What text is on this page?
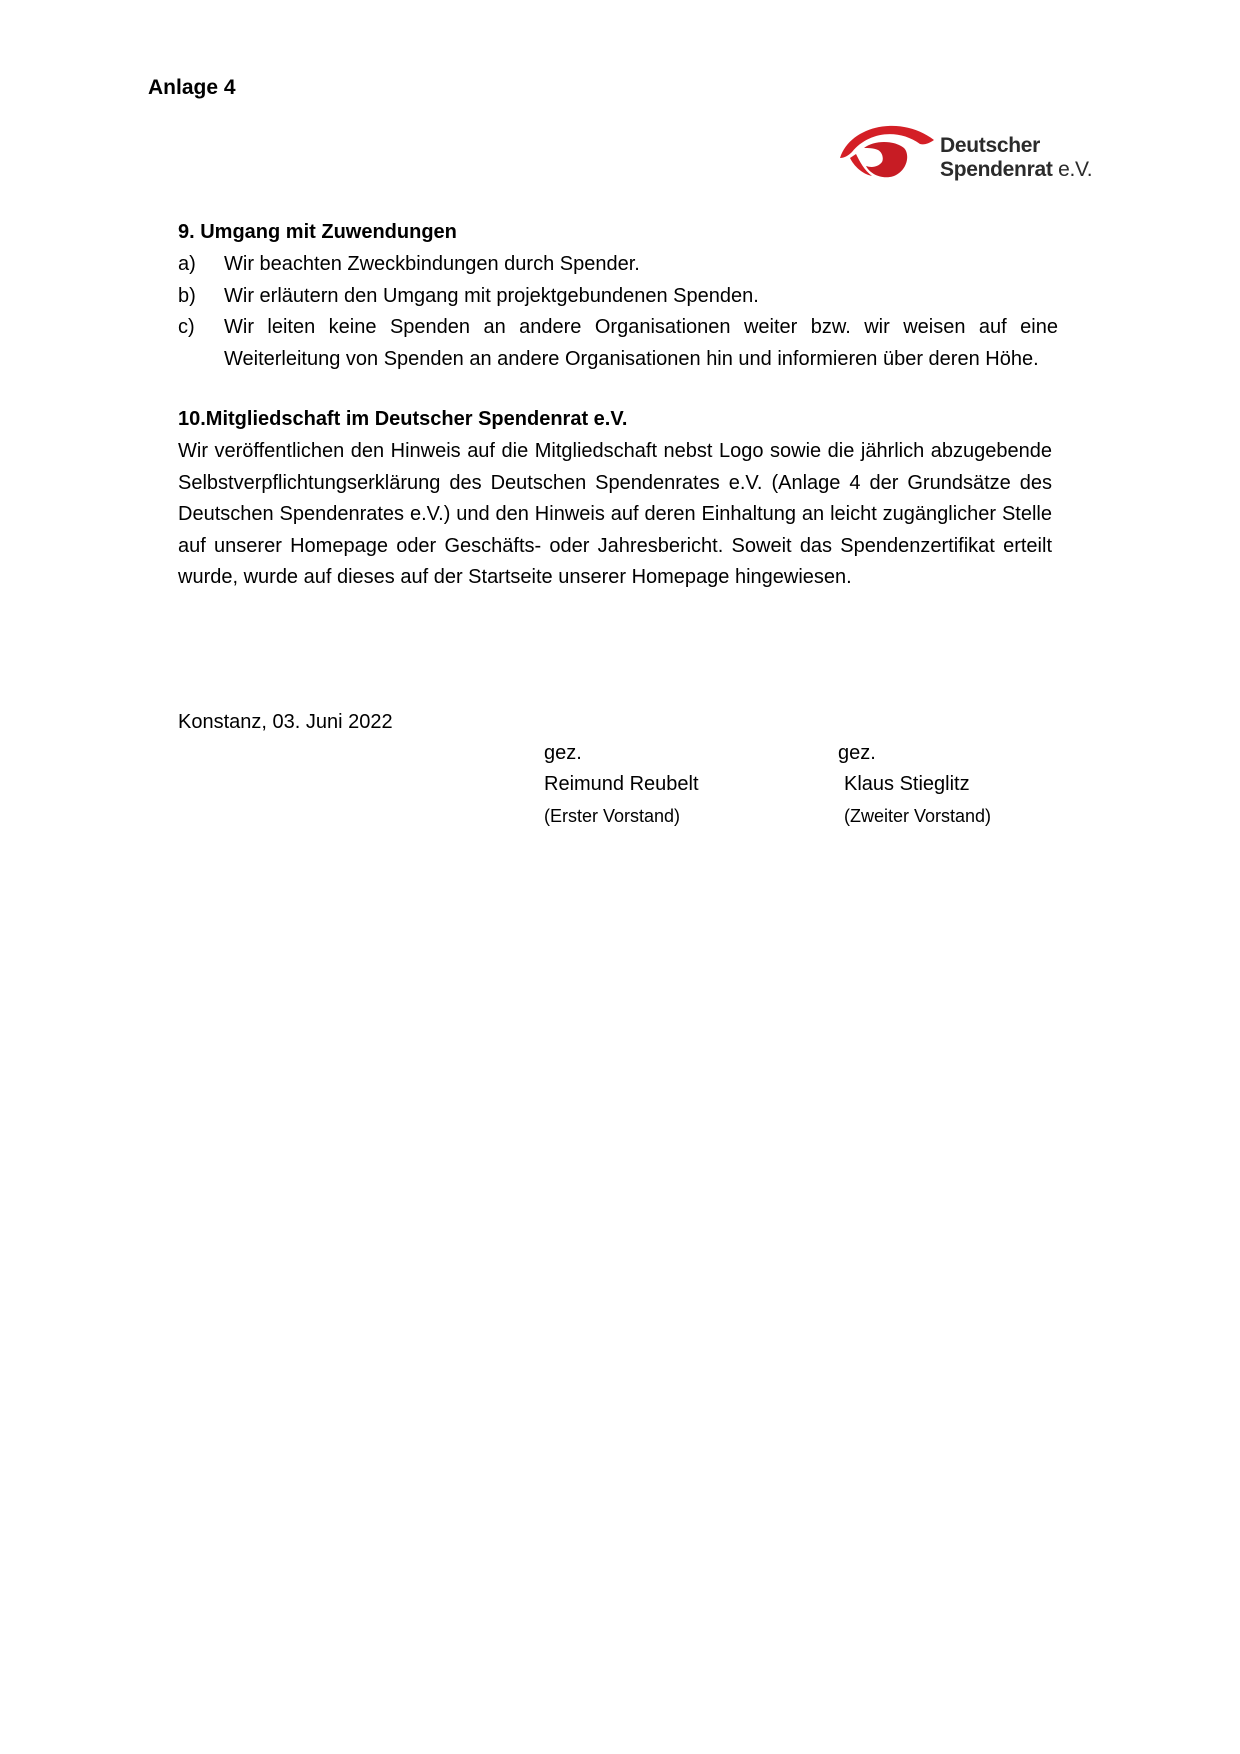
Anlage 4
Deutscher
Spendenrat e.V.
9. Umgang mit Zuwendungen
a) Wir beachten Zweckbindungen durch Spender.
b) Wir erläutern den Umgang mit projektgebundenen Spenden.
c) Wir leiten keine Spenden an andere Organisationen weiter bzw. wir weisen auf eine Weiterleitung von Spenden an andere Organisationen hin und informieren über deren Höhe.
10.Mitgliedschaft im Deutscher Spendenrat e.V.
Wir veröffentlichen den Hinweis auf die Mitgliedschaft nebst Logo sowie die jährlich abzugebende Selbstverpflichtungserklärung des Deutschen Spendenrates e.V. (Anlage 4 der Grundsätze des Deutschen Spendenrates e.V.) und den Hinweis auf deren Einhaltung an leicht zugänglicher Stelle auf unserer Homepage oder Geschäfts- oder Jahresbericht. Soweit das Spendenzertifikat erteilt wurde, wurde auf dieses auf der Startseite unserer Homepage hingewiesen.
Konstanz, 03. Juni 2022
gez.
Reimund Reubelt
(Erster Vorstand)
gez.
Klaus Stieglitz
(Zweiter Vorstand)
